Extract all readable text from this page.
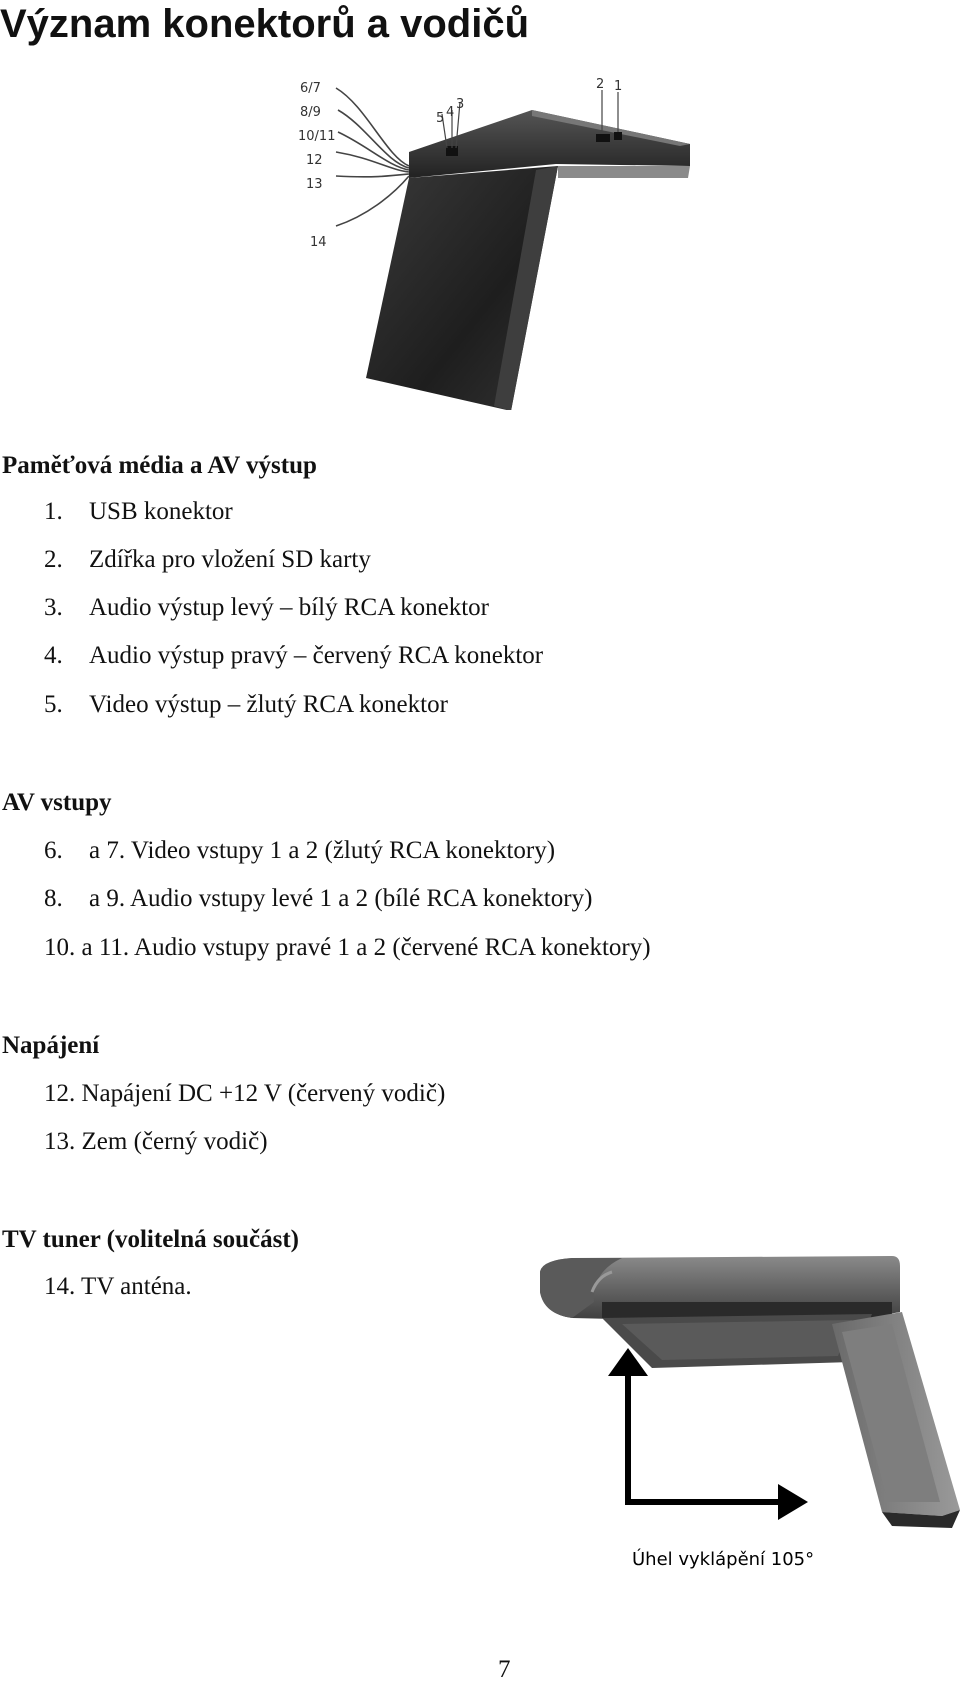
Význam konektorů a vodičů
6/7
8/9
10/11
12
13
14
5 4
3
2 1
Paměťová média a AV výstup
1. USB konektor
2. Zdířka pro vložení SD karty
3. Audio výstup levý – bílý RCA konektor
4. Audio výstup pravý – červený RCA konektor
5. Video výstup – žlutý RCA konektor
AV vstupy
6. a 7. Video vstupy 1 a 2 (žlutý RCA konektory)
8. a 9. Audio vstupy levé 1 a 2 (bílé RCA konektory)
10. a 11. Audio vstupy pravé 1 a 2 (červené RCA konektory)
Napájení
12. Napájení DC +12 V (červený vodič)
13. Zem (černý vodič)
TV tuner (volitelná součást)
14. TV anténa.
Úhel vyklápění 105°
7
